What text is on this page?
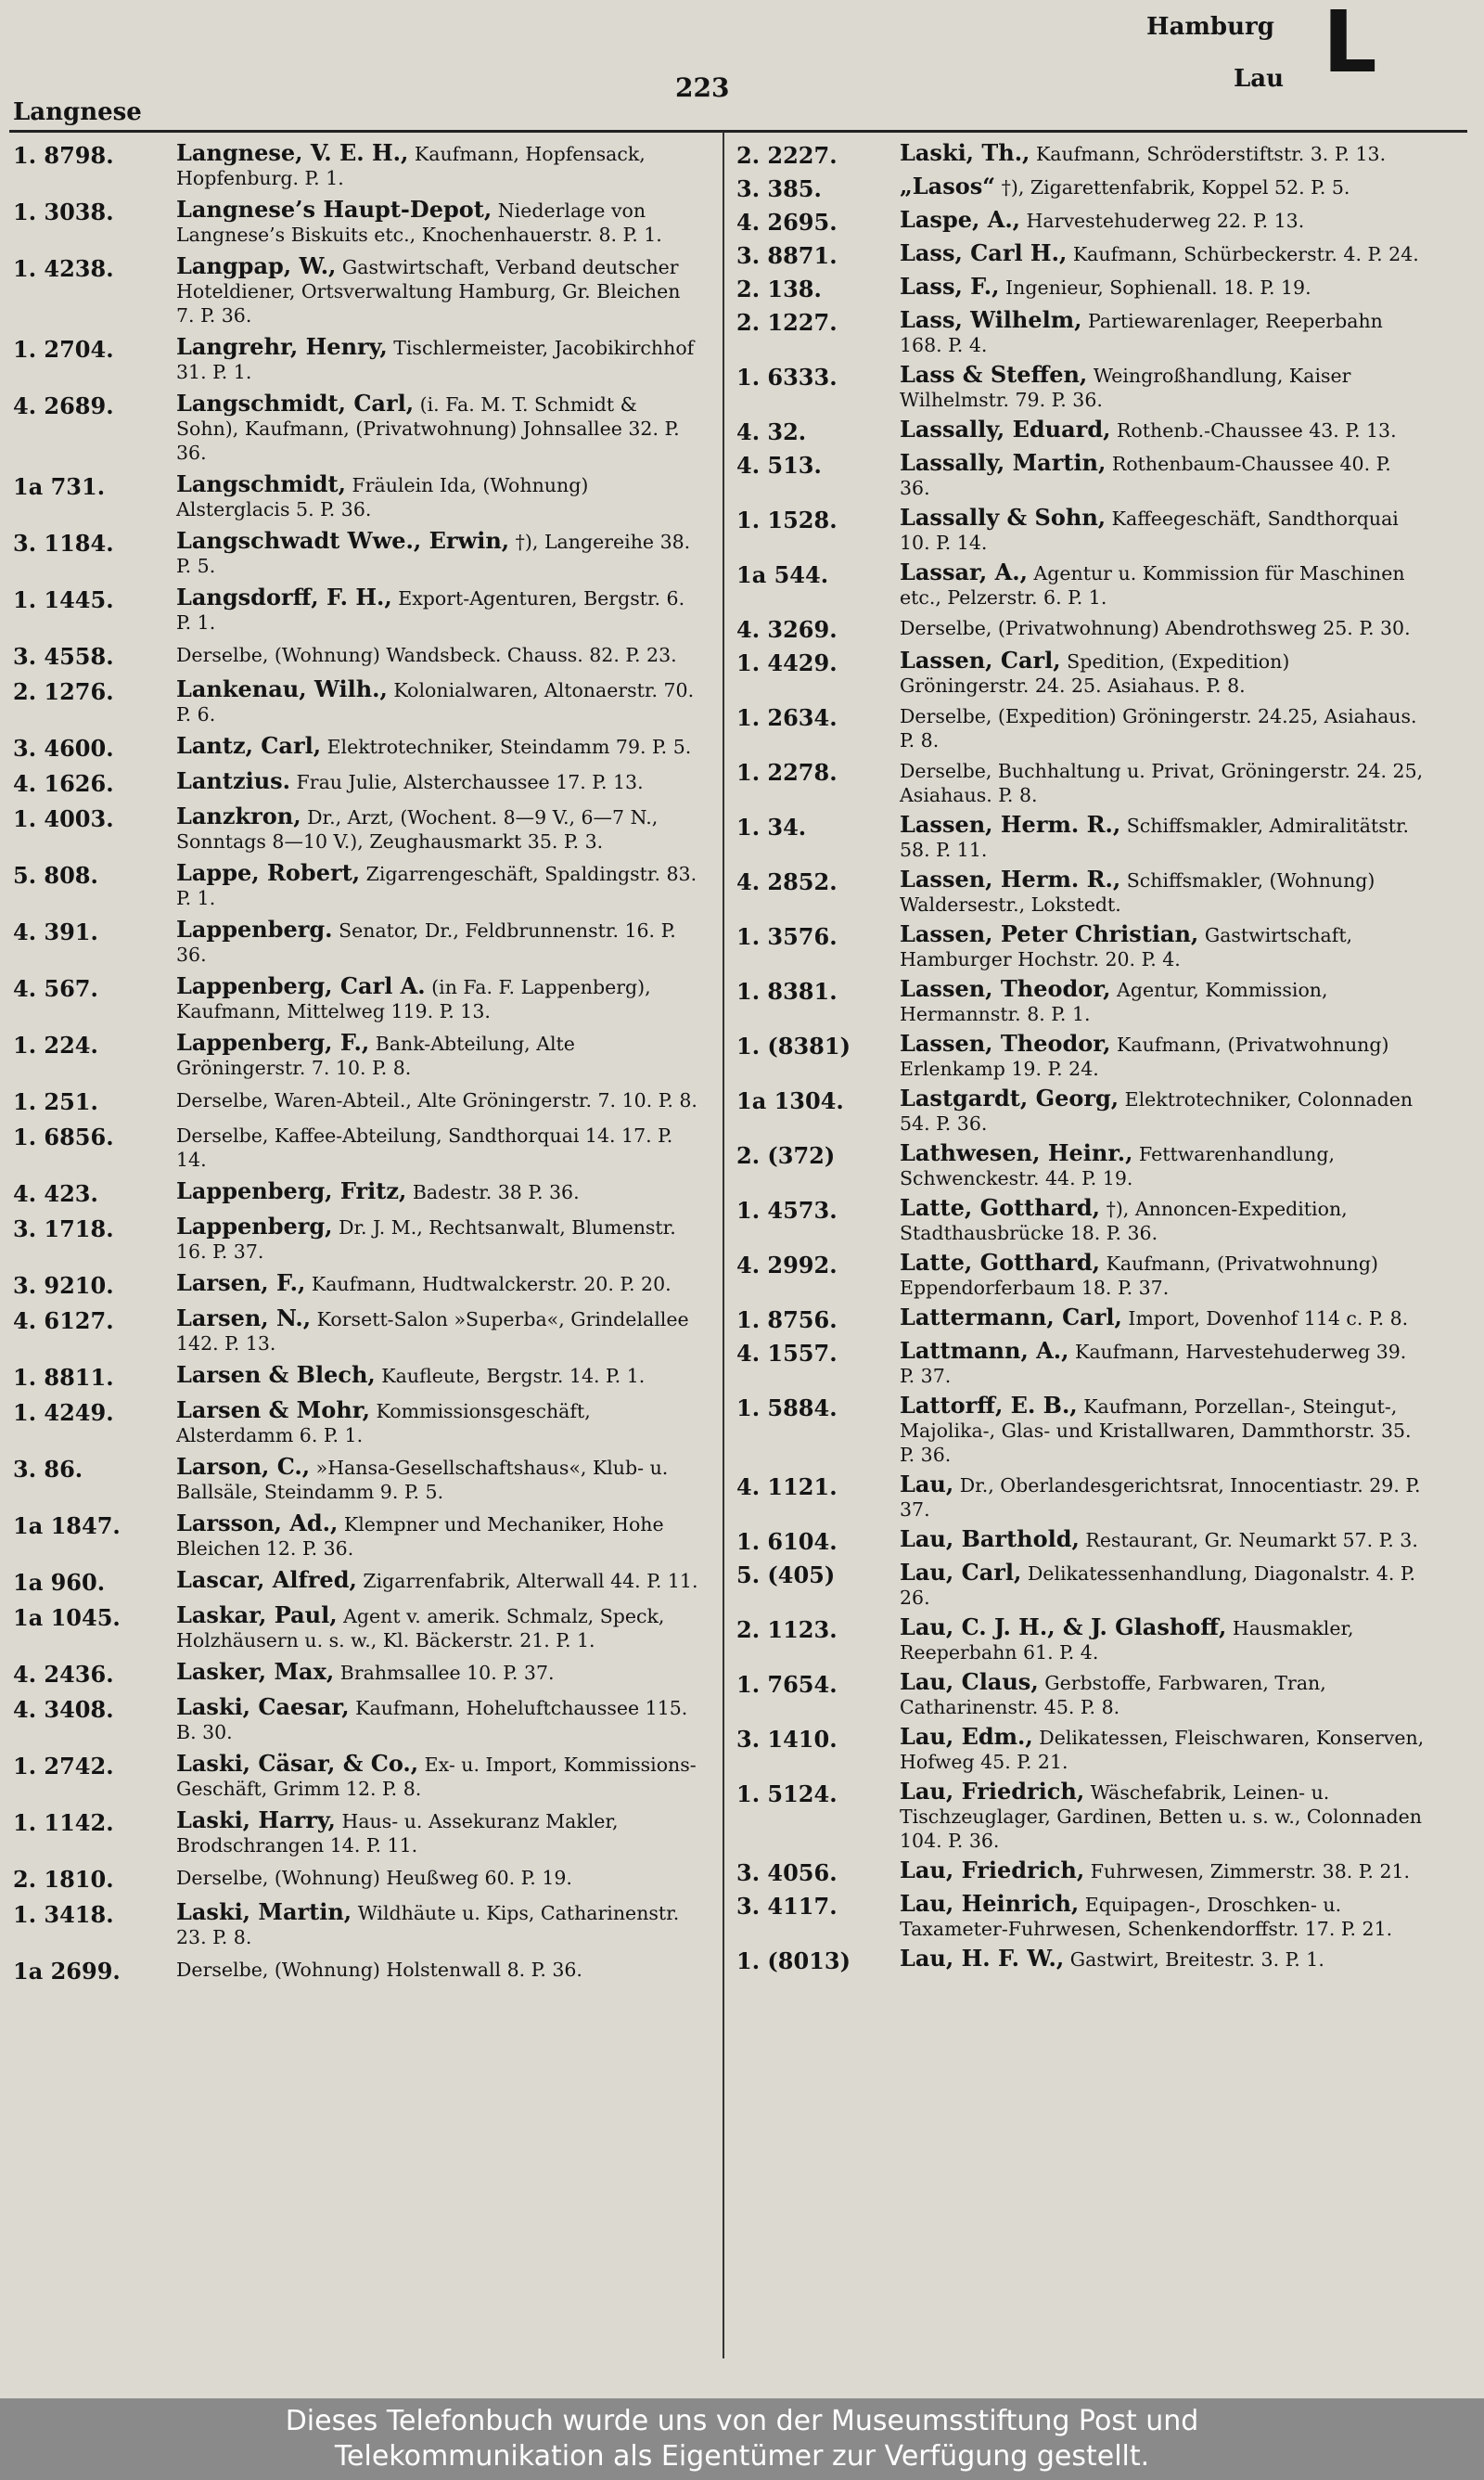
Langnese
223
Hamburg
Lau L
1. 8798.	Langnese, V. E. H., Kaufmann, Hopfensack, Hopfenburg. P. 1.
1. 3038.	Langnese’s Haupt-Depot, Niederlage von Langnese’s Biskuits etc., Knochenhauerstr. 8. P. 1.
1. 4238.	Langpap, W., Gastwirtschaft, Verband deutscher Hoteldiener, Ortsverwaltung Hamburg, Gr. Bleichen 7. P. 36.
1. 2704.	Langrehr, Henry, Tischlermeister, Jacobikirchhof 31. P. 1.
4. 2689.	Langschmidt, Carl, (i. Fa. M. T. Schmidt & Sohn), Kaufmann, (Privatwohnung) Johnsallee 32. P. 36.
1a 731.	Langschmidt, Fräulein Ida, (Wohnung) Alsterglacis 5. P. 36.
3. 1184.	Langschwadt Wwe., Erwin, †), Langereihe 38. P. 5.
1. 1445.	Langsdorff, F. H., Export-Agenturen, Bergstr. 6. P. 1.
3. 4558.	Derselbe, (Wohnung) Wandsbeck. Chauss. 82. P. 23.
2. 1276.	Lankenau, Wilh., Kolonialwaren, Altonaerstr. 70. P. 6.
3. 4600.	Lantz, Carl, Elektrotechniker, Steindamm 79. P. 5.
4. 1626.	Lantzius. Frau Julie, Alsterchaussee 17. P. 13.
1. 4003.	Lanzkron, Dr., Arzt, (Wochent. 8—9 V., 6—7 N., Sonntags 8—10 V.), Zeughausmarkt 35. P. 3.
5. 808.	Lappe, Robert, Zigarrengeschäft, Spaldingstr. 83. P. 1.
4. 391.	Lappenberg. Senator, Dr., Feldbrunnenstr. 16. P. 36.
4. 567.	Lappenberg, Carl A. (in Fa. F. Lappenberg), Kaufmann, Mittelweg 119. P. 13.
1. 224.	Lappenberg, F., Bank-Abteilung, Alte Gröningerstr. 7. 10. P. 8.
1. 251.	Derselbe, Waren-Abteil., Alte Gröningerstr. 7. 10. P. 8.
1. 6856.	Derselbe, Kaffee-Abteilung, Sandthorquai 14. 17. P. 14.
4. 423.	Lappenberg, Fritz, Badestr. 38 P. 36.
3. 1718.	Lappenberg, Dr. J. M., Rechtsanwalt, Blumenstr. 16. P. 37.
3. 9210.	Larsen, F., Kaufmann, Hudtwalckerstr. 20. P. 20.
4. 6127.	Larsen, N., Korsett-Salon »Superba«, Grindelallee 142. P. 13.
1. 8811.	Larsen & Blech, Kaufleute, Bergstr. 14. P. 1.
1. 4249.	Larsen & Mohr, Kommissionsgeschäft, Alsterdamm 6. P. 1.
3. 86.	Larson, C., »Hansa-Gesellschaftshaus«, Klub- u. Ballsäle, Steindamm 9. P. 5.
1a 1847.	Larsson, Ad., Klempner und Mechaniker, Hohe Bleichen 12. P. 36.
1a 960.	Lascar, Alfred, Zigarrenfabrik, Alterwall 44. P. 11.
1a 1045.	Laskar, Paul, Agent v. amerik. Schmalz, Speck, Holzhäusern u. s. w., Kl. Bäckerstr. 21. P. 1.
4. 2436.	Lasker, Max, Brahmsallee 10. P. 37.
4. 3408.	Laski, Caesar, Kaufmann, Hoheluftchaussee 115. B. 30.
1. 2742.	Laski, Cäsar, & Co., Ex- u. Import, Kommissions-Geschäft, Grimm 12. P. 8.
1. 1142.	Laski, Harry, Haus- u. Assekuranz Makler, Brodschrangen 14. P. 11.
2. 1810.	Derselbe, (Wohnung) Heußweg 60. P. 19.
1. 3418.	Laski, Martin, Wildhäute u. Kips, Catharinenstr. 23. P. 8.
1a 2699.	Derselbe, (Wohnung) Holstenwall 8. P. 36.
2. 2227.	Laski, Th., Kaufmann, Schröderstiftstr. 3. P. 13.
3. 385.	„Lasos“ †), Zigarettenfabrik, Koppel 52. P. 5.
4. 2695.	Laspe, A., Harvestehuderweg 22. P. 13.
3. 8871.	Lass, Carl H., Kaufmann, Schürbeckerstr. 4. P. 24.
2. 138.	Lass, F., Ingenieur, Sophienall. 18. P. 19.
2. 1227.	Lass, Wilhelm, Partiewarenlager, Reeperbahn 168. P. 4.
1. 6333.	Lass & Steffen, Weingroßhandlung, Kaiser Wilhelmstr. 79. P. 36.
4. 32.	Lassally, Eduard, Rothenb.-Chaussee 43. P. 13.
4. 513.	Lassally, Martin, Rothenbaum-Chaussee 40. P. 36.
1. 1528.	Lassally & Sohn, Kaffeegeschäft, Sandthorquai 10. P. 14.
1a 544.	Lassar, A., Agentur u. Kommission für Maschinen etc., Pelzerstr. 6. P. 1.
4. 3269.	Derselbe, (Privatwohnung) Abendrothsweg 25. P. 30.
1. 4429.	Lassen, Carl, Spedition, (Expedition) Gröningerstr. 24. 25. Asiahaus. P. 8.
1. 2634.	Derselbe, (Expedition) Gröningerstr. 24.25, Asiahaus. P. 8.
1. 2278.	Derselbe, Buchhaltung u. Privat, Gröningerstr. 24. 25, Asiahaus. P. 8.
1. 34.	Lassen, Herm. R., Schiffsmakler, Admiralitätstr. 58. P. 11.
4. 2852.	Lassen, Herm. R., Schiffsmakler, (Wohnung) Waldersestr., Lokstedt.
1. 3576.	Lassen, Peter Christian, Gastwirtschaft, Hamburger Hochstr. 20. P. 4.
1. 8381.	Lassen, Theodor, Agentur, Kommission, Hermannstr. 8. P. 1.
1. (8381)	Lassen, Theodor, Kaufmann, (Privatwohnung) Erlenkamp 19. P. 24.
1a 1304.	Lastgardt, Georg, Elektrotechniker, Colonnaden 54. P. 36.
2. (372)	Lathwesen, Heinr., Fettwarenhandlung, Schwenckestr. 44. P. 19.
1. 4573.	Latte, Gotthard, †), Annoncen-Expedition, Stadthausbrücke 18. P. 36.
4. 2992.	Latte, Gotthard, Kaufmann, (Privatwohnung) Eppendorferbaum 18. P. 37.
1. 8756.	Lattermann, Carl, Import, Dovenhof 114 c. P. 8.
4. 1557.	Lattmann, A., Kaufmann, Harvestehuderweg 39. P. 37.
1. 5884.	Lattorff, E. B., Kaufmann, Porzellan-, Steingut-, Majolika-, Glas- und Kristallwaren, Dammthorstr. 35. P. 36.
4. 1121.	Lau, Dr., Oberlandesgerichtsrat, Innocentiastr. 29. P. 37.
1. 6104.	Lau, Barthold, Restaurant, Gr. Neumarkt 57. P. 3.
5. (405)	Lau, Carl, Delikatessenhandlung, Diagonalstr. 4. P. 26.
2. 1123.	Lau, C. J. H., & J. Glashoff, Hausmakler, Reeperbahn 61. P. 4.
1. 7654.	Lau, Claus, Gerbstoffe, Farbwaren, Tran, Catharinenstr. 45. P. 8.
3. 1410.	Lau, Edm., Delikatessen, Fleischwaren, Konserven, Hofweg 45. P. 21.
1. 5124.	Lau, Friedrich, Wäschefabrik, Leinen- u. Tischzeuglager, Gardinen, Betten u. s. w., Colonnaden 104. P. 36.
3. 4056.	Lau, Friedrich, Fuhrwesen, Zimmerstr. 38. P. 21.
3. 4117.	Lau, Heinrich, Equipagen-, Droschken- u. Taxameter-Fuhrwesen, Schenkendorffstr. 17. P. 21.
1. (8013)	Lau, H. F. W., Gastwirt, Breitestr. 3. P. 1.
Dieses Telefonbuch wurde uns von der Museumsstiftung Post und
Telekommunikation als Eigentümer zur Verfügung gestellt.
